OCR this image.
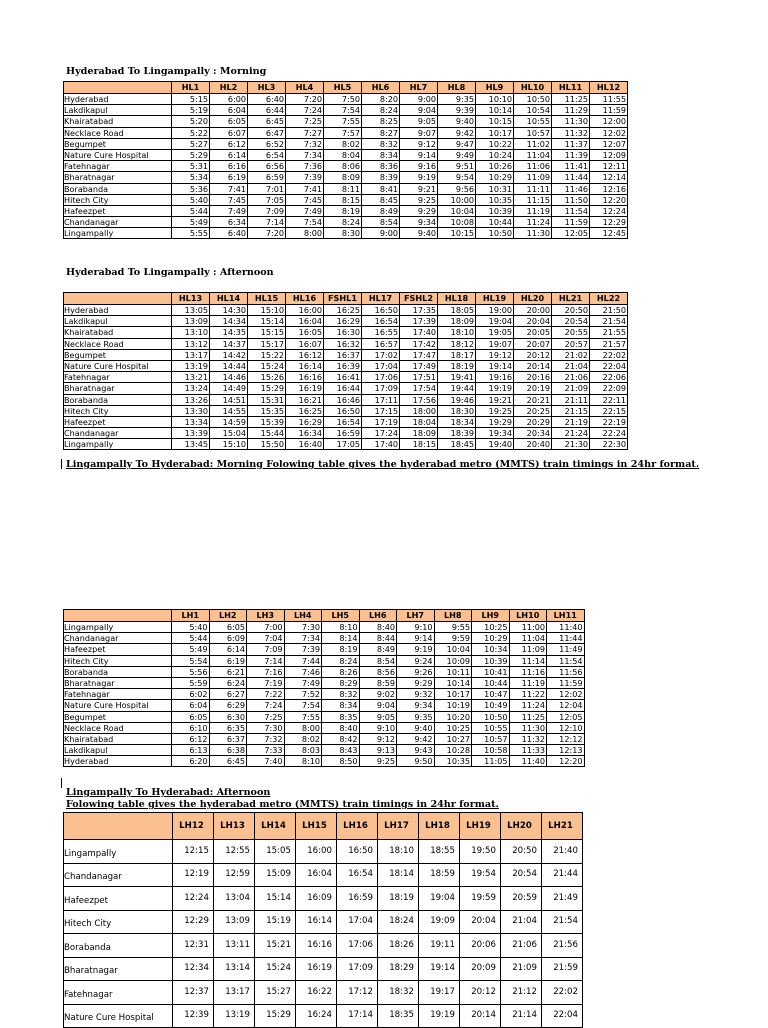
Hyderabad To Lingampally : Morning
	HL1	HL2	HL3	HL4	HL5	HL6	HL7	HL8	HL9	HL10	HL11	HL12
Hyderabad	5:15	6:00	6:40	7:20	7:50	8:20	9:00	9:35	10:10	10:50	11:25	11:55
Lakdikapul	5:19	6:04	6:44	7:24	7:54	8:24	9:04	9:39	10:14	10:54	11:29	11:59
Khairatabad	5:20	6:05	6:45	7:25	7:55	8:25	9:05	9:40	10:15	10:55	11:30	12:00
Necklace Road	5:22	6:07	6:47	7:27	7:57	8:27	9:07	9:42	10:17	10:57	11:32	12:02
Begumpet	5:27	6:12	6:52	7:32	8:02	8:32	9:12	9:47	10:22	11:02	11:37	12:07
Nature Cure Hospital	5:29	6:14	6:54	7:34	8:04	8:34	9:14	9:49	10:24	11:04	11:39	12:09
Fatehnagar	5:31	6:16	6:56	7:36	8:06	8:36	9:16	9:51	10:26	11:06	11:41	12:11
Bharatnagar	5:34	6:19	6:59	7:39	8:09	8:39	9:19	9:54	10:29	11:09	11:44	12:14
Borabanda	5:36	7:41	7:01	7:41	8:11	8:41	9:21	9:56	10:31	11:11	11:46	12:16
Hitech City	5:40	7:45	7:05	7:45	8:15	8:45	9:25	10:00	10:35	11:15	11:50	12:20
Hafeezpet	5:44	7:49	7:09	7:49	8:19	8:49	9:29	10:04	10:39	11:19	11:54	12:24
Chandanagar	5:49	6:34	7:14	7:54	8:24	8:54	9:34	10:08	10:44	11:24	11:59	12:29
Lingampally	5:55	6:40	7:20	8:00	8:30	9:00	9:40	10:15	10:50	11:30	12:05	12:45
Hyderabad To Lingampally : Afternoon
	HL13	HL14	HL15	HL16	FSHL1	HL17	FSHL2	HL18	HL19	HL20	HL21	HL22
Hyderabad	13:05	14:30	15:10	16:00	16:25	16:50	17:35	18:05	19:00	20:00	20:50	21:50
Lakdikapul	13:09	14:34	15:14	16:04	16:29	16:54	17:39	18:09	19:04	20:04	20:54	21:54
Khairatabad	13:10	14:35	15:15	16:05	16:30	16:55	17:40	18:10	19:05	20:05	20:55	21:55
Necklace Road	13:12	14:37	15:17	16:07	16:32	16:57	17:42	18:12	19:07	20:07	20:57	21:57
Begumpet	13:17	14:42	15:22	16:12	16:37	17:02	17:47	18:17	19:12	20:12	21:02	22:02
Nature Cure Hospital	13:19	14:44	15:24	16:14	16:39	17:04	17:49	18:19	19:14	20:14	21:04	22:04
Fatehnagar	13:21	14:46	15:26	16:16	16:41	17:06	17:51	19:41	19:16	20:16	21:06	22:06
Bharatnagar	13:24	14:49	15:29	16:19	16:44	17:09	17:54	19:44	19:19	20:19	21:09	22:09
Borabanda	13:26	14:51	15:31	16:21	16:46	17:11	17:56	19:46	19:21	20:21	21:11	22:11
Hitech City	13:30	14:55	15:35	16:25	16:50	17:15	18:00	18:30	19:25	20:25	21:15	22:15
Hafeezpet	13:34	14:59	15:39	16:29	16:54	17:19	18:04	18:34	19:29	20:29	21:19	22:19
Chandanagar	13:39	15:04	15:44	16:34	16:59	17:24	18:09	18:39	19:34	20:34	21:24	22:24
Lingampally	13:45	15:10	15:50	16:40	17:05	17:40	18:15	18:45	19:40	20:40	21:30	22:30
Lingampally To Hyderabad: Morning Folowing table gives the hyderabad metro (MMTS) train timings in 24hr format.
	LH1	LH2	LH3	LH4	LH5	LH6	LH7	LH8	LH9	LH10	LH11
Lingampally	5:40	6:05	7:00	7:30	8:10	8:40	9:10	9:55	10:25	11:00	11:40
Chandanagar	5:44	6:09	7:04	7:34	8:14	8:44	9:14	9:59	10:29	11:04	11:44
Hafeezpet	5:49	6:14	7:09	7:39	8:19	8:49	9:19	10:04	10:34	11:09	11:49
Hitech City	5:54	6:19	7:14	7:44	8:24	8:54	9:24	10:09	10:39	11:14	11:54
Borabanda	5:56	6:21	7:16	7:46	8:26	8:56	9:26	10:11	10:41	11:16	11:56
Bharatnagar	5:59	6:24	7:19	7:49	8:29	8:59	9:29	10:14	10:44	11:19	11:59
Fatehnagar	6:02	6:27	7:22	7:52	8:32	9:02	9:32	10:17	10:47	11:22	12:02
Nature Cure Hospital	6:04	6:29	7:24	7:54	8:34	9:04	9:34	10:19	10:49	11:24	12:04
Begumpet	6:05	6:30	7:25	7:55	8:35	9:05	9:35	10:20	10:50	11:25	12:05
Necklace Road	6:10	6:35	7:30	8:00	8:40	9:10	9:40	10:25	10:55	11:30	12:10
Khairatabad	6:12	6:37	7:32	8:02	8:42	9:12	9:42	10:27	10:57	11:32	12:12
Lakdikapul	6:13	6:38	7:33	8:03	8:43	9:13	9:43	10:28	10:58	11:33	12:13
Hyderabad	6:20	6:45	7:40	8:10	8:50	9:25	9:50	10:35	11:05	11:40	12:20
Lingampally To Hyderabad: Afternoon
Folowing table gives the hyderabad metro (MMTS) train timings in 24hr format.
	LH12	LH13	LH14	LH15	LH16	LH17	LH18	LH19	LH20	LH21
Lingampally	12:15	12:55	15:05	16:00	16:50	18:10	18:55	19:50	20:50	21:40
Chandanagar	12:19	12:59	15:09	16:04	16:54	18:14	18:59	19:54	20:54	21:44
Hafeezpet	12:24	13:04	15:14	16:09	16:59	18:19	19:04	19:59	20:59	21:49
Hitech City	12:29	13:09	15:19	16:14	17:04	18:24	19:09	20:04	21:04	21:54
Borabanda	12:31	13:11	15:21	16:16	17:06	18:26	19:11	20:06	21:06	21:56
Bharatnagar	12:34	13:14	15:24	16:19	17:09	18:29	19:14	20:09	21:09	21:59
Fatehnagar	12:37	13:17	15:27	16:22	17:12	18:32	19:17	20:12	21:12	22:02
Nature Cure Hospital	12:39	13:19	15:29	16:24	17:14	18:35	19:19	20:14	21:14	22:04
